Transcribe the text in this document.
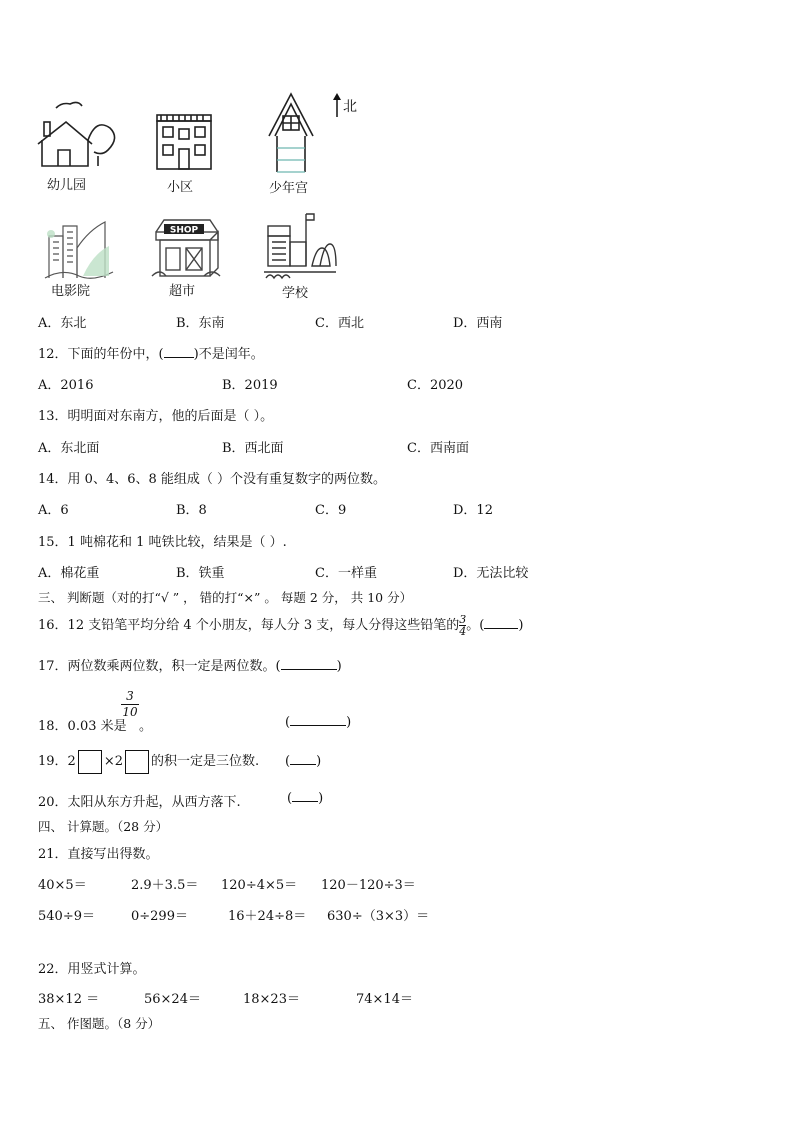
幼儿园	小区	少年宫
北
电影院
SHOP
超市	学校
A．东北	B．东南	C．西北	D．西南
12．下面的年份中，( )不是闰年。
A．2016	B．2019	C．2020
13．明明面对东南方，他的后面是（ ）。
A．东北面	B．西北面	C．西南面
14．用 0、4、6、8 能组成（ ）个没有重复数字的两位数。
A．6	B．8	C．9	D．12
15．1 吨棉花和 1 吨铁比较，结果是（ ）.
A．棉花重	B．铁重	C．一样重	D．无法比较
三、 判断题（对的打“√ ” ， 错的打“×” 。 每题 2 分， 共 10 分）
16．12 支铅笔平均分给 4 个小朋友，每人分 3 支，每人分得这些铅笔的 $\frac{3}{4}$ 。(	)
17．两位数乘两位数，积一定是两位数。(	)
3
10
18．0.03 米是 。	(	)
19．2 ×2 的积一定是三位数. ( )
20．太阳从东方升起，从西方落下.	( )
四、 计算题。（28 分）
21．直接写出得数。
40×5＝	2.9＋3.5＝ 120÷4×5＝ 120－120÷3＝
540÷9＝	0÷299＝	16＋24÷8＝ 630÷（3×3）＝
22．用竖式计算。
38×12 ＝	56×24＝	18×23＝	74×14＝
五、 作图题。（8 分）
